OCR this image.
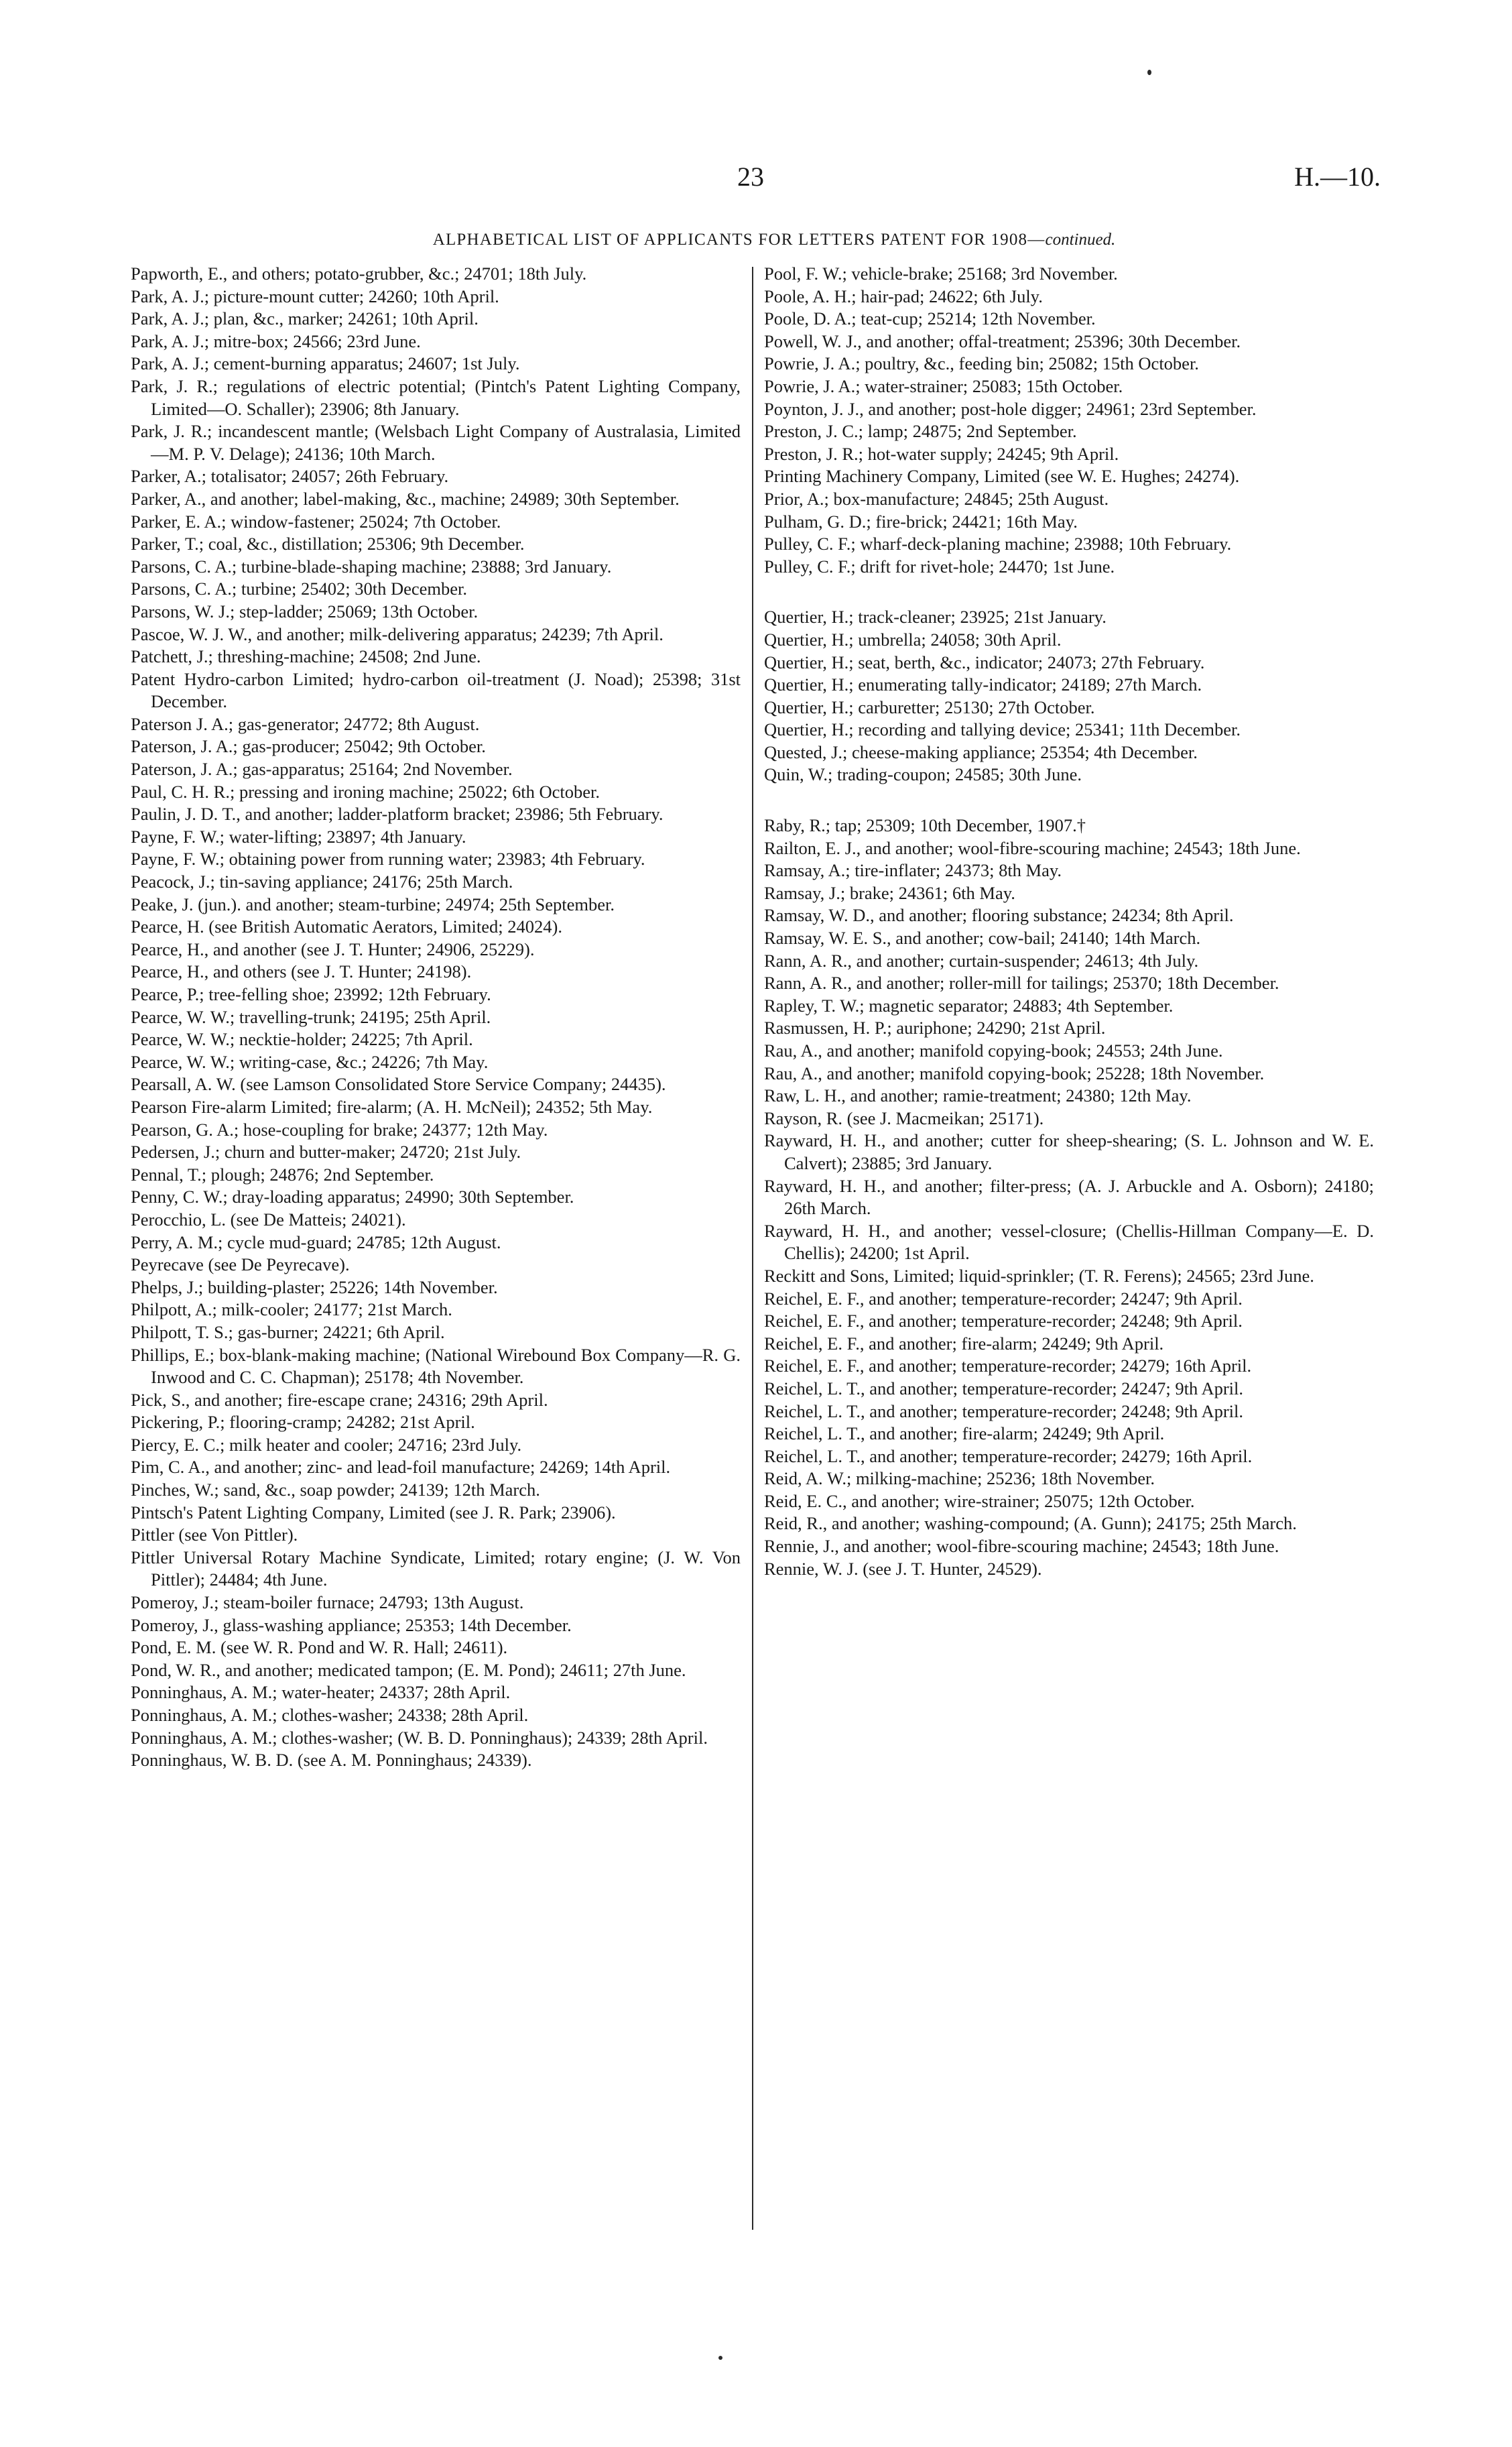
23	H.—10.
ALPHABETICAL LIST OF APPLICANTS FOR LETTERS PATENT FOR 1908—continued.

Papworth, E., and others; potato-grubber, &c.; 24701; 18th July.

Park, A. J.; picture-mount cutter; 24260; 10th April.

Park, A. J.; plan, &c., marker; 24261; 10th April.

Park, A. J.; mitre-box; 24566; 23rd June.

Park, A. J.; cement-burning apparatus; 24607; 1st July.

Park, J. R.; regulations of electric potential; (Pintch's Patent Lighting Company, Limited—O. Schaller); 23906; 8th January.

Park, J. R.; incandescent mantle; (Welsbach Light Company of Australasia, Limited—M. P. V. Delage); 24136; 10th March.

Parker, A.; totalisator; 24057; 26th February.

Parker, A., and another; label-making, &c., machine; 24989; 30th September.

Parker, E. A.; window-fastener; 25024; 7th October.

Parker, T.; coal, &c., distillation; 25306; 9th December.

Parsons, C. A.; turbine-blade-shaping machine; 23888; 3rd January.

Parsons, C. A.; turbine; 25402; 30th December.

Parsons, W. J.; step-ladder; 25069; 13th October.

Pascoe, W. J. W., and another; milk-delivering apparatus; 24239; 7th April.

Patchett, J.; threshing-machine; 24508; 2nd June.

Patent Hydro-carbon Limited; hydro-carbon oil-treatment (J. Noad); 25398; 31st December.

Paterson J. A.; gas-generator; 24772; 8th August.

Paterson, J. A.; gas-producer; 25042; 9th October.

Paterson, J. A.; gas-apparatus; 25164; 2nd November.

Paul, C. H. R.; pressing and ironing machine; 25022; 6th October.

Paulin, J. D. T., and another; ladder-platform bracket; 23986; 5th February.

Payne, F. W.; water-lifting; 23897; 4th January.

Payne, F. W.; obtaining power from running water; 23983; 4th February.

Peacock, J.; tin-saving appliance; 24176; 25th March.

Peake, J. (jun.). and another; steam-turbine; 24974; 25th September.

Pearce, H. (see British Automatic Aerators, Limited; 24024).

Pearce, H., and another (see J. T. Hunter; 24906, 25229).

Pearce, H., and others (see J. T. Hunter; 24198).

Pearce, P.; tree-felling shoe; 23992; 12th February.

Pearce, W. W.; travelling-trunk; 24195; 25th April.

Pearce, W. W.; necktie-holder; 24225; 7th April.

Pearce, W. W.; writing-case, &c.; 24226; 7th May.

Pearsall, A. W. (see Lamson Consolidated Store Service Company; 24435).

Pearson Fire-alarm Limited; fire-alarm; (A. H. McNeil); 24352; 5th May.

Pearson, G. A.; hose-coupling for brake; 24377; 12th May.

Pedersen, J.; churn and butter-maker; 24720; 21st July.

Pennal, T.; plough; 24876; 2nd September.

Penny, C. W.; dray-loading apparatus; 24990; 30th September.

Perocchio, L. (see De Matteis; 24021).

Perry, A. M.; cycle mud-guard; 24785; 12th August.

Peyrecave (see De Peyrecave).

Phelps, J.; building-plaster; 25226; 14th November.

Philpott, A.; milk-cooler; 24177; 21st March.

Philpott, T. S.; gas-burner; 24221; 6th April.

Phillips, E.; box-blank-making machine; (National Wirebound Box Company—R. G. Inwood and C. C. Chapman); 25178; 4th November.

Pick, S., and another; fire-escape crane; 24316; 29th April.

Pickering, P.; flooring-cramp; 24282; 21st April.

Piercy, E. C.; milk heater and cooler; 24716; 23rd July.

Pim, C. A., and another; zinc- and lead-foil manufacture; 24269; 14th April.

Pinches, W.; sand, &c., soap powder; 24139; 12th March.

Pintsch's Patent Lighting Company, Limited (see J. R. Park; 23906).

Pittler (see Von Pittler).

Pittler Universal Rotary Machine Syndicate, Limited; rotary engine; (J. W. Von Pittler); 24484; 4th June.

Pomeroy, J.; steam-boiler furnace; 24793; 13th August.

Pomeroy, J., glass-washing appliance; 25353; 14th December.

Pond, E. M. (see W. R. Pond and W. R. Hall; 24611).

Pond, W. R., and another; medicated tampon; (E. M. Pond); 24611; 27th June.

Ponninghaus, A. M.; water-heater; 24337; 28th April.

Ponninghaus, A. M.; clothes-washer; 24338; 28th April.

Ponninghaus, A. M.; clothes-washer; (W. B. D. Ponninghaus); 24339; 28th April.

Ponninghaus, W. B. D. (see A. M. Ponninghaus; 24339).

Pool, F. W.; vehicle-brake; 25168; 3rd November.

Poole, A. H.; hair-pad; 24622; 6th July.

Poole, D. A.; teat-cup; 25214; 12th November.

Powell, W. J., and another; offal-treatment; 25396; 30th December.

Powrie, J. A.; poultry, &c., feeding bin; 25082; 15th October.

Powrie, J. A.; water-strainer; 25083; 15th October.

Poynton, J. J., and another; post-hole digger; 24961; 23rd September.

Preston, J. C.; lamp; 24875; 2nd September.

Preston, J. R.; hot-water supply; 24245; 9th April.

Printing Machinery Company, Limited (see W. E. Hughes; 24274).

Prior, A.; box-manufacture; 24845; 25th August.

Pulham, G. D.; fire-brick; 24421; 16th May.

Pulley, C. F.; wharf-deck-planing machine; 23988; 10th February.

Pulley, C. F.; drift for rivet-hole; 24470; 1st June.

Quertier, H.; track-cleaner; 23925; 21st January.

Quertier, H.; umbrella; 24058; 30th April.

Quertier, H.; seat, berth, &c., indicator; 24073; 27th February.

Quertier, H.; enumerating tally-indicator; 24189; 27th March.

Quertier, H.; carburetter; 25130; 27th October.

Quertier, H.; recording and tallying device; 25341; 11th December.

Quested, J.; cheese-making appliance; 25354; 4th December.

Quin, W.; trading-coupon; 24585; 30th June.

Raby, R.; tap; 25309; 10th December, 1907.†

Railton, E. J., and another; wool-fibre-scouring machine; 24543; 18th June.

Ramsay, A.; tire-inflater; 24373; 8th May.

Ramsay, J.; brake; 24361; 6th May.

Ramsay, W. D., and another; flooring substance; 24234; 8th April.

Ramsay, W. E. S., and another; cow-bail; 24140; 14th March.

Rann, A. R., and another; curtain-suspender; 24613; 4th July.

Rann, A. R., and another; roller-mill for tailings; 25370; 18th December.

Rapley, T. W.; magnetic separator; 24883; 4th September.

Rasmussen, H. P.; auriphone; 24290; 21st April.

Rau, A., and another; manifold copying-book; 24553; 24th June.

Rau, A., and another; manifold copying-book; 25228; 18th November.

Raw, L. H., and another; ramie-treatment; 24380; 12th May.

Rayson, R. (see J. Macmeikan; 25171).

Rayward, H. H., and another; cutter for sheep-shearing; (S. L. Johnson and W. E. Calvert); 23885; 3rd January.

Rayward, H. H., and another; filter-press; (A. J. Arbuckle and A. Osborn); 24180; 26th March.

Rayward, H. H., and another; vessel-closure; (Chellis-Hillman Company—E. D. Chellis); 24200; 1st April.

Reckitt and Sons, Limited; liquid-sprinkler; (T. R. Ferens); 24565; 23rd June.

Reichel, E. F., and another; temperature-recorder; 24247; 9th April.

Reichel, E. F., and another; temperature-recorder; 24248; 9th April.

Reichel, E. F., and another; fire-alarm; 24249; 9th April.

Reichel, E. F., and another; temperature-recorder; 24279; 16th April.

Reichel, L. T., and another; temperature-recorder; 24247; 9th April.

Reichel, L. T., and another; temperature-recorder; 24248; 9th April.

Reichel, L. T., and another; fire-alarm; 24249; 9th April.

Reichel, L. T., and another; temperature-recorder; 24279; 16th April.

Reid, A. W.; milking-machine; 25236; 18th November.

Reid, E. C., and another; wire-strainer; 25075; 12th October.

Reid, R., and another; washing-compound; (A. Gunn); 24175; 25th March.

Rennie, J., and another; wool-fibre-scouring machine; 24543; 18th June.

Rennie, W. J. (see J. T. Hunter, 24529).
